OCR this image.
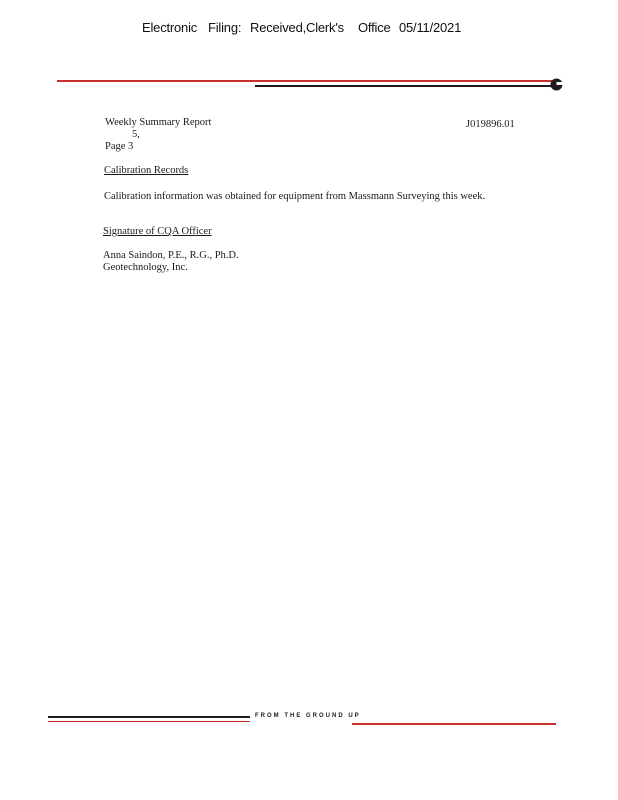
Electronic Filing: Received,Clerk's Office 05/11/2021
Weekly Summary Report
5,
Page 3
J019896.01
Calibration Records
Calibration information was obtained for equipment from Massmann Surveying this week.
Signature of CQA Officer
Anna Saindon, P.E., R.G., Ph.D.
Geotechnology, Inc.
FROM THE GROUND UP
